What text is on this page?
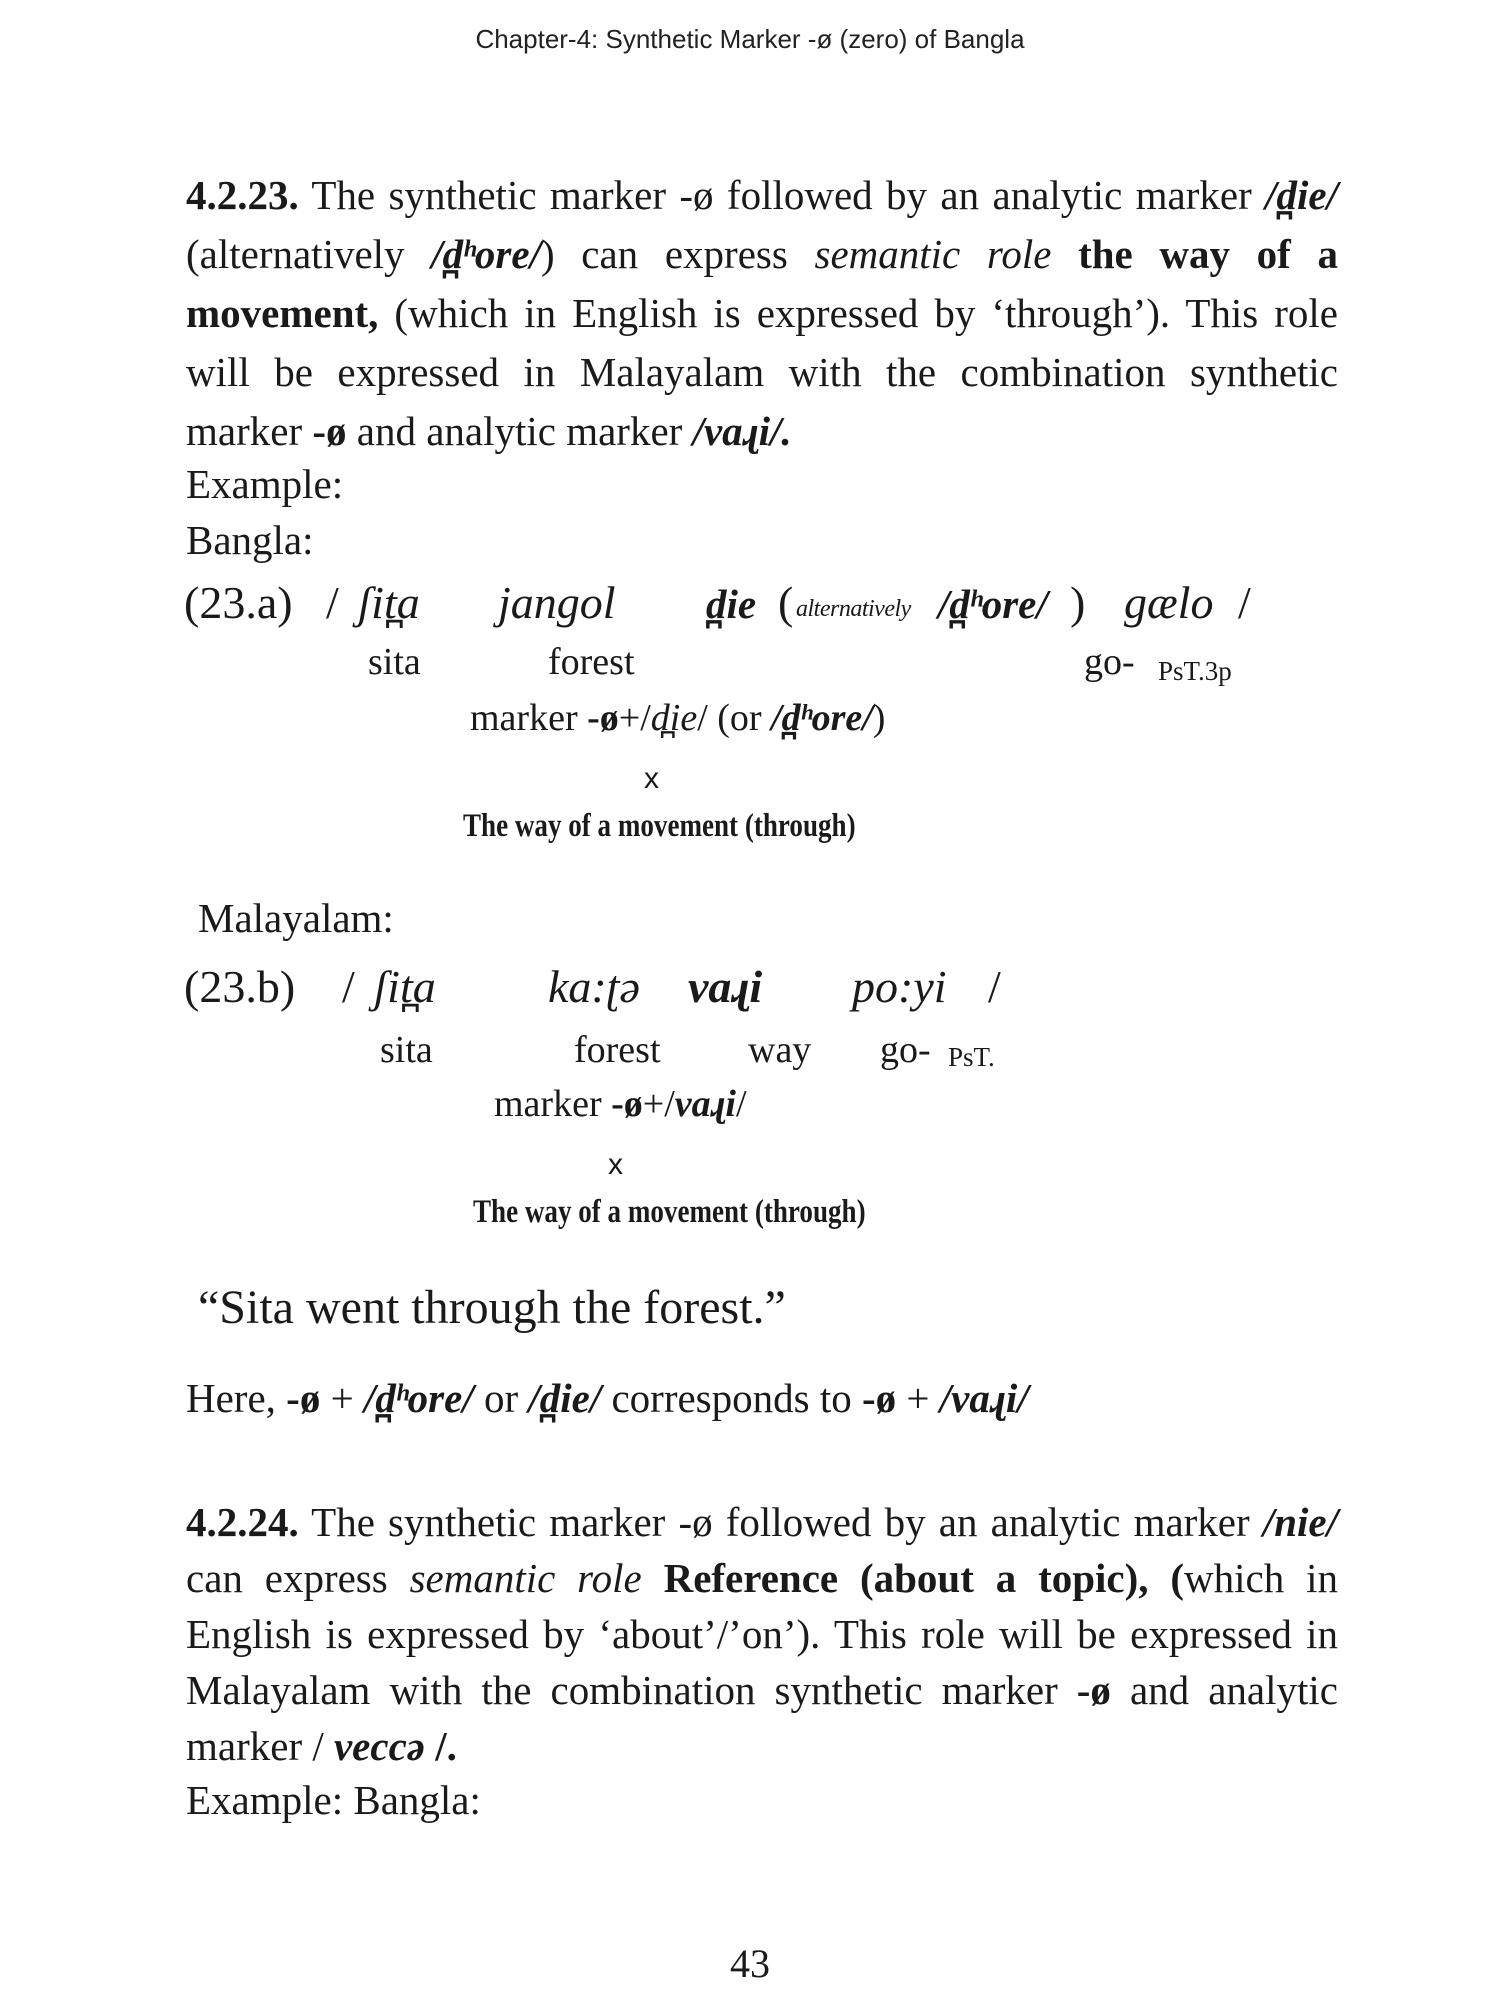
Chapter-4: Synthetic Marker -ø (zero) of Bangla

4.2.23. The synthetic marker -ø followed by an analytic marker /d̪ie/ (alternatively /d̪ʰore/) can express semantic role the way of a movement, (which in English is expressed by ‘through’). This role will be expressed in Malayalam with the combination synthetic marker -ø and analytic marker /vaɻi/.

Example:
Bangla:
(23.a) / ʃit̪a jangol d̪ie ( alternatively /d̪ʰore/ ) gælo /
sita	forest	go- PsT.3p
marker -ø+/d̪ie/ (or /d̪ʰore/)
x
The way of a movement (through)
Malayalam:
(23.b) / ʃit̪a ka:ʈə vaɻi po:yi /
sita	forest way go- PsT.
marker -ø+/vaɻi/
x
The way of a movement (through)
“Sita went through the forest.”
Here, -ø + /d̪ʰore/ or /d̪ie/ corresponds to -ø + /vaɻi/

4.2.24. The synthetic marker -ø followed by an analytic marker /nie/ can express semantic role Reference (about a topic), (which in English is expressed by ‘about’/’on’). This role will be expressed in Malayalam with the combination synthetic marker -ø and analytic marker / veccə /.

Example: Bangla:
43
